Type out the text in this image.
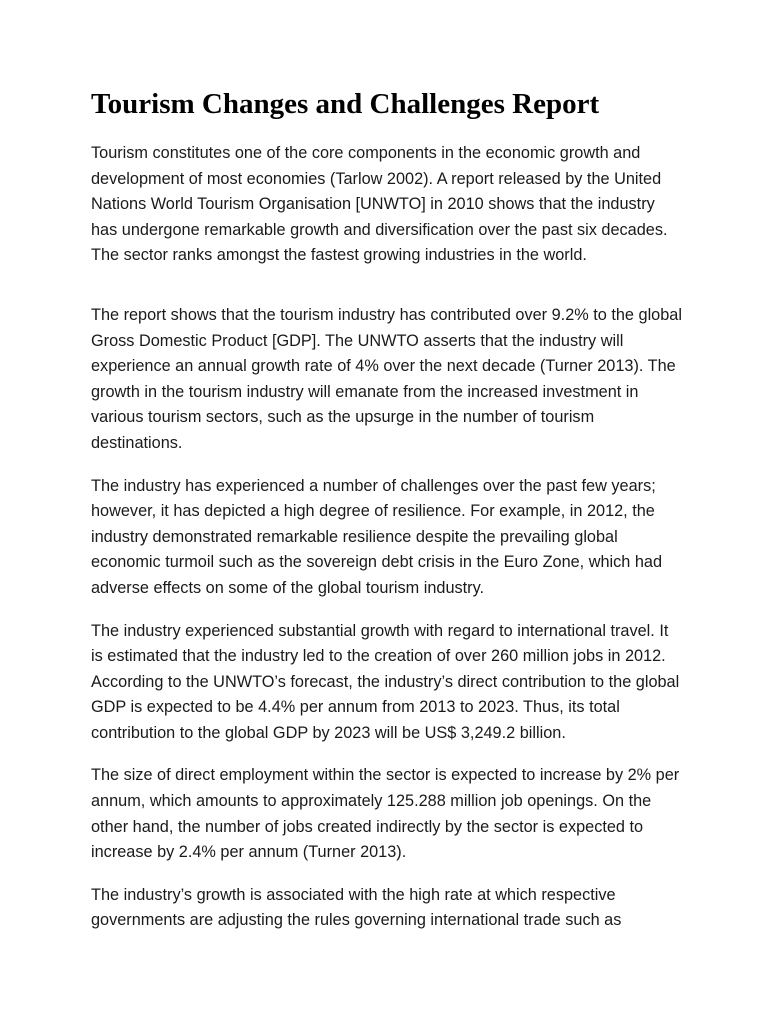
Tourism Changes and Challenges Report

Tourism constitutes one of the core components in the economic growth and development of most economies (Tarlow 2002). A report released by the United Nations World Tourism Organisation [UNWTO] in 2010 shows that the industry has undergone remarkable growth and diversification over the past six decades. The sector ranks amongst the fastest growing industries in the world.

The report shows that the tourism industry has contributed over 9.2% to the global Gross Domestic Product [GDP]. The UNWTO asserts that the industry will experience an annual growth rate of 4% over the next decade (Turner 2013). The growth in the tourism industry will emanate from the increased investment in various tourism sectors, such as the upsurge in the number of tourism destinations.

The industry has experienced a number of challenges over the past few years; however, it has depicted a high degree of resilience. For example, in 2012, the industry demonstrated remarkable resilience despite the prevailing global economic turmoil such as the sovereign debt crisis in the Euro Zone, which had adverse effects on some of the global tourism industry.

The industry experienced substantial growth with regard to international travel. It is estimated that the industry led to the creation of over 260 million jobs in 2012. According to the UNWTO’s forecast, the industry’s direct contribution to the global GDP is expected to be 4.4% per annum from 2013 to 2023. Thus, its total contribution to the global GDP by 2023 will be US$ 3,249.2 billion.

The size of direct employment within the sector is expected to increase by 2% per annum, which amounts to approximately 125.288 million job openings. On the other hand, the number of jobs created indirectly by the sector is expected to increase by 2.4% per annum (Turner 2013).

The industry’s growth is associated with the high rate at which respective governments are adjusting the rules governing international trade such as
